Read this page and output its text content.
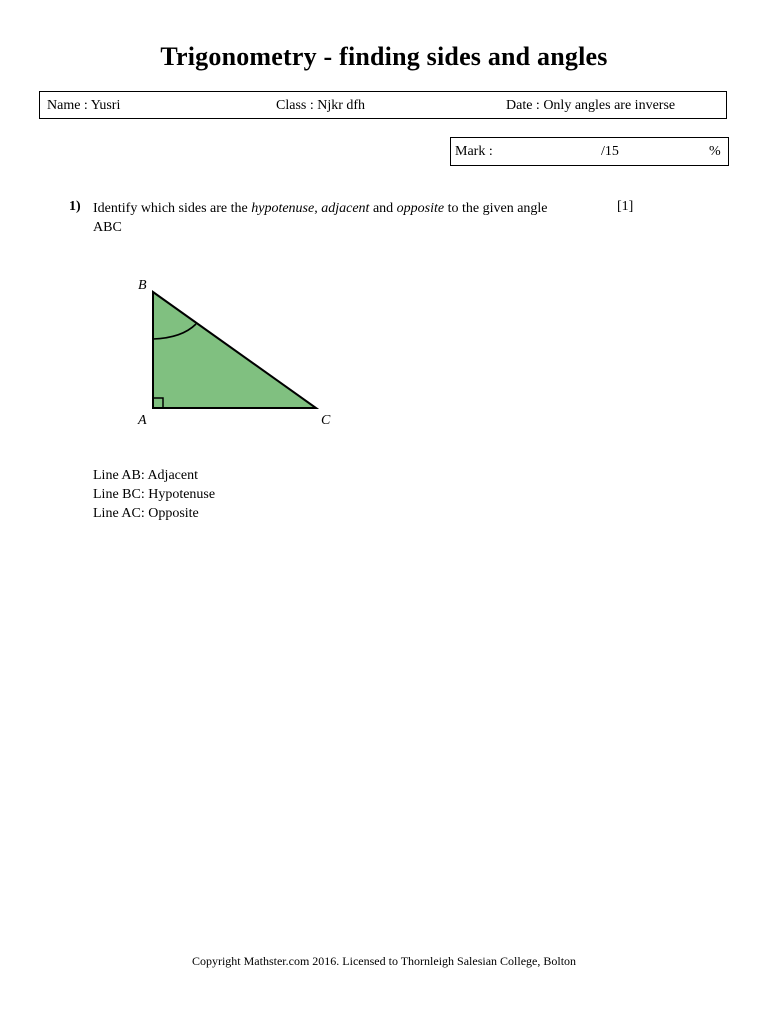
Trigonometry - finding sides and angles
Name : Yusri	Class : Njkr dfh	Date : Only angles are inverse
Mark :	/15	%
1) Identify which sides are the hypotenuse, adjacent and opposite to the given angle
ABC
[1]
B
A	C
Line AB: Adjacent
Line BC: Hypotenuse
Line AC: Opposite
Copyright Mathster.com 2016. Licensed to Thornleigh Salesian College, Bolton
